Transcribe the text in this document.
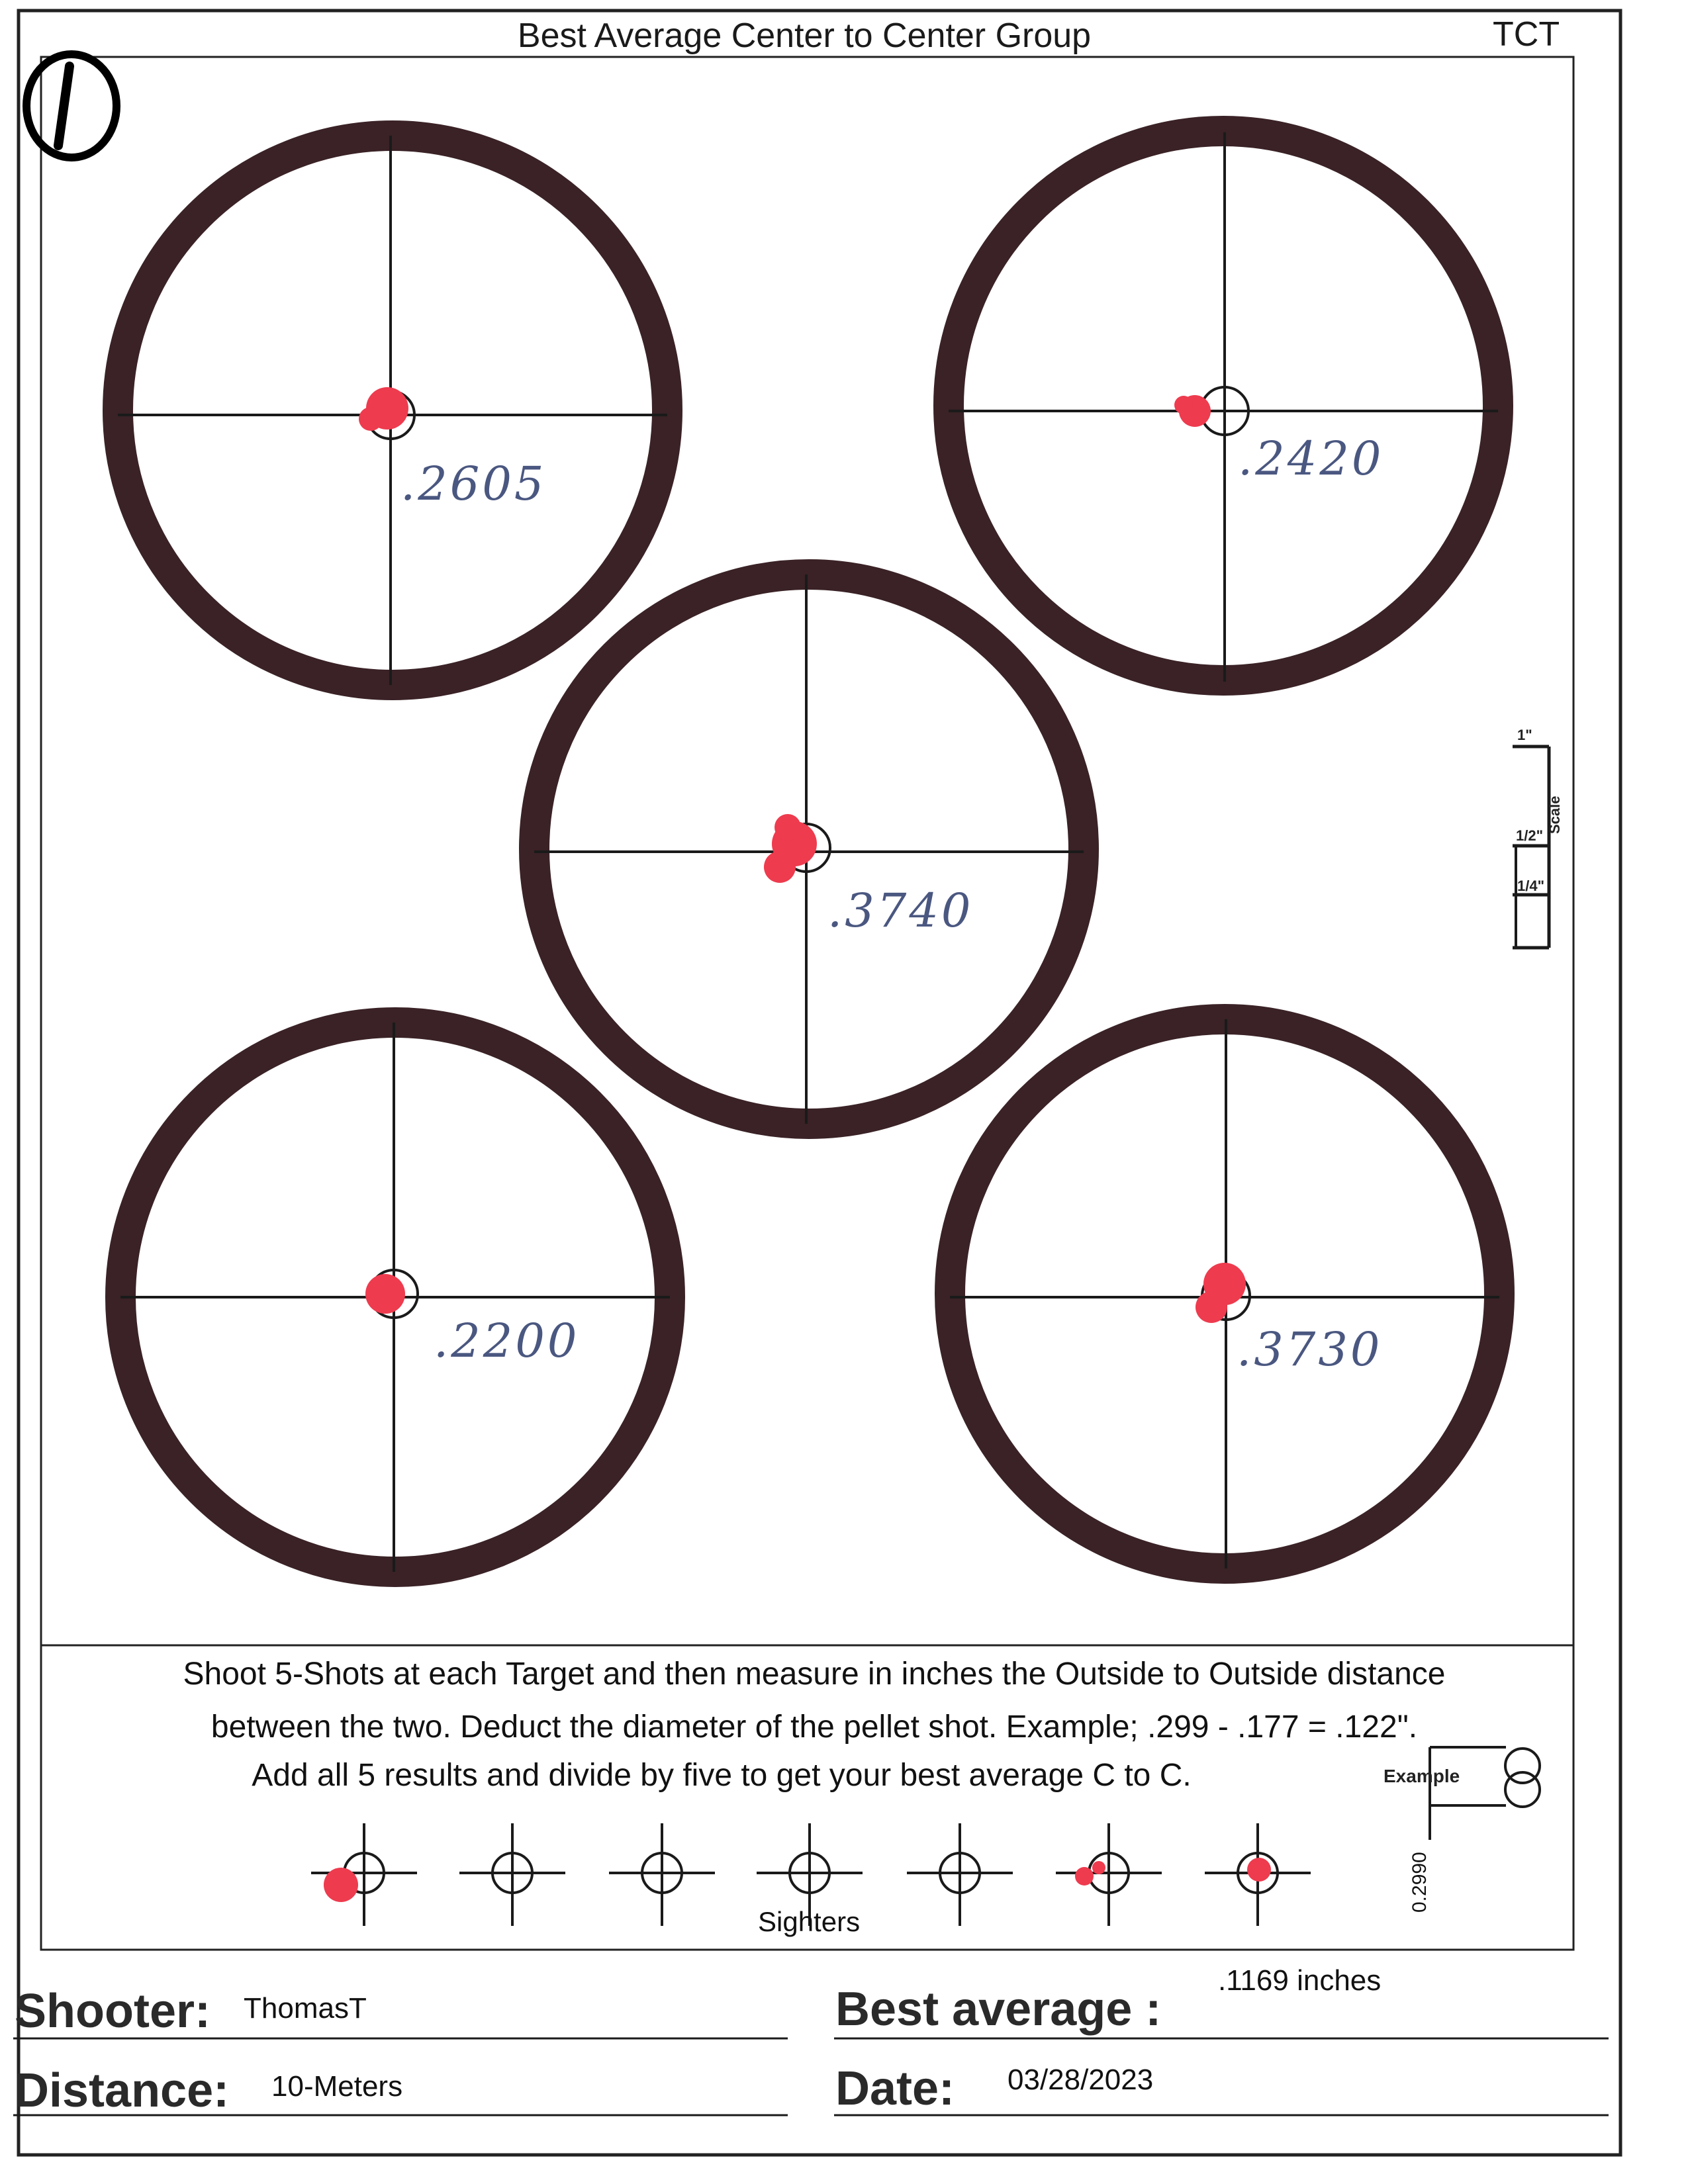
Best Average Center to Center Group	TCT
.2605	.2420
.3740
.2200	.3730
1"
1/2"
1/4"
Scale
Shoot 5-Shots at each Target and then measure in inches the Outside to Outside distance
between the two. Deduct the diameter of the pellet shot. Example; .299 - .177 = .122".
Add all 5 results and divide by five to get your best average C to C.	Example
0.2990
Sighters
Shooter: ThomasT	Best average :
.1169 inches
Distance: 10-Meters	Date: 03/28/2023
